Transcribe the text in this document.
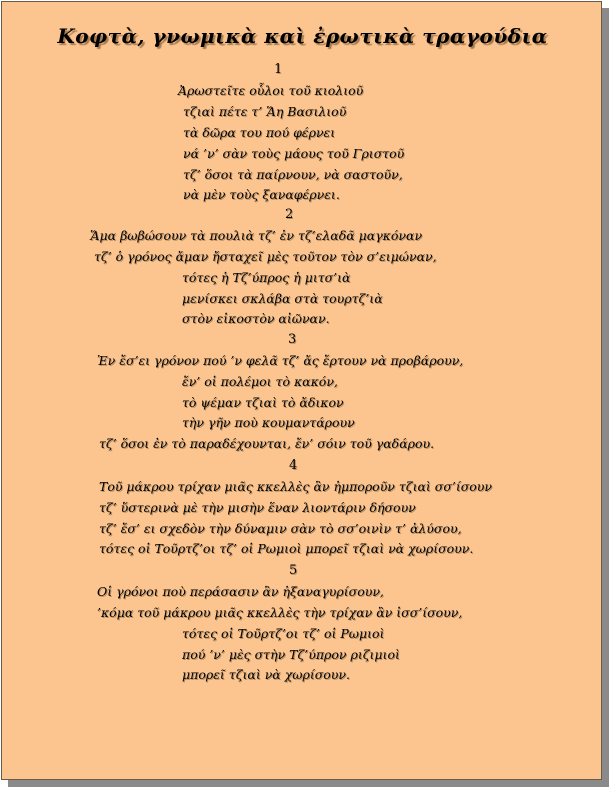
Κοφτὰ, γνωμικὰ καὶ ἐρωτικὰ τραγούδια
1
Ἀρωστεῖτε οὗλοι τοῦ κιολιοῦ
τζιαὶ πέτε τ’ Ἅη Βασιλιοῦ
τὰ δῶρα του πού φέρνει
νά ’ν’ σὰν τοὺς μάους τοῦ Γριστοῦ
τζ’ ὅσοι τὰ παίρνουν, νὰ σαστοῦν,
νὰ μὲν τοὺς ξαναφέρνει.
2
Ἅμα βωβώσουν τὰ πουλιὰ τζ’ ἐν τζ’ελαδᾶ μαγκόναν
τζ’ ὁ γρόνος ἄμαν ἤσταχεῖ μὲς τοῦτον τὸν σ’ειμώναν,
τότες ἡ Τζ’ύπρος ἡ μιτσ’ιὰ
μενίσκει σκλάβα στὰ τουρτζ’ιὰ
στὸν εἰκοστὸν αἰῶναν.
3
Ἐν ἔσ’ει γρόνον πού ’ν φελᾶ τζ’ ἄς ἔρτουν νὰ προβάρουν,
ἔν’ οἱ πολέμοι τὸ κακόν,
τὸ ψέμαν τζιαὶ τὸ ἄδικον
τὴν γῆν ποὺ κουμαντάρουν
τζ’ ὅσοι ἐν τὸ παραδέχουνται, ἔν’ σόιν τοῦ γαδάρου.
4
Τοῦ μάκρου τρίχαν μιᾶς κκελλὲς ἂν ἠμποροῦν τζιαὶ σσ’ίσουν
τζ’ ὕστερινὰ μὲ τὴν μισὴν ἕναν λιοντάριν δήσουν
τζ’ ἔσ’ ει σχεδὸν τὴν δύναμιν σὰν τὸ σσ’οινὶν τ’ ἀλύσου,
τότες οἱ Τοῦρτζ’οι τζ’ οἱ Ρωμιοὶ μπορεῖ τζιαὶ νὰ χωρίσουν.
5
Οἱ γρόνοι ποὺ περάσασιν ἂν ἠξαναγυρίσουν,
’κόμα τοῦ μάκρου μιᾶς κκελλὲς τὴν τρίχαν ἂν ἰσσ’ίσουν,
τότες οἱ Τοῦρτζ’οι τζ’ οἱ Ρωμιοὶ
πού ’ν’ μὲς στὴν Τζ’ύπρον ριζιμιοὶ
μπορεῖ τζιαὶ νὰ χωρίσουν.
